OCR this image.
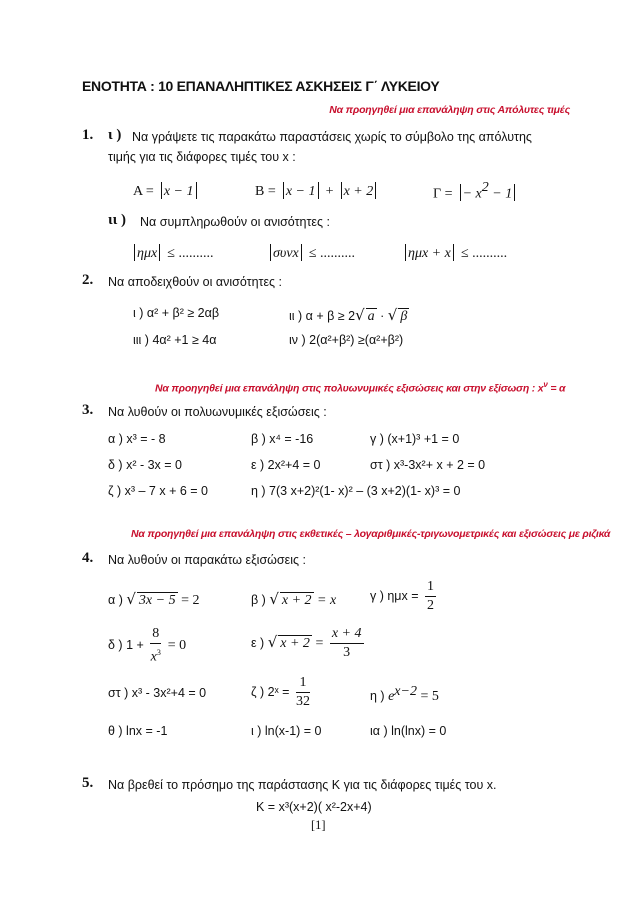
ΕΝΟΤΗΤΑ : 10 ΕΠΑΝΑΛΗΠΤΙΚΕΣ ΑΣΚΗΣΕΙΣ Γ΄ ΛΥΚΕΙΟΥ
Να προηγηθεί μια επανάληψη στις Απόλυτες τιμές
1. ι ) Να γράψετε τις παρακάτω παραστάσεις χωρίς το σύμβολο της απόλυτης
τιμής για τις διάφορες τιμές του x :
Α = x − 1	Β = x − 1 + x + 2	Γ = − $x^2 - 1$
ιι ) Να συμπληρωθούν οι ανισότητες :
ημx ≤ ..........	συνx ≤ ..........	ημx + x ≤ ..........
2. Να αποδειχθούν οι ανισότητες :
ι ) α² + β² ≥ 2αβ	ιι ) α + β ≥ 2√ a · √ β
ιιι ) 4α² +1 ≥ 4α	ιν ) 2(α²+β²) ≥(α²+β²)
Να προηγηθεί μια επανάληψη στις πολυωνυμικές εξισώσεις και στην εξίσωση : $x^\nu = \alpha$
3. Να λυθούν οι πολυωνυμικές εξισώσεις :
α ) x³ = - 8	β ) x⁴ = -16	γ ) (x+1)³ +1 = 0
δ ) x² - 3x = 0	ε ) 2x²+4 = 0	στ ) x³-3x²+ x + 2 = 0
ζ ) x³ – 7 x + 6 = 0	η ) 7(3 x+2)²(1- x)² – (3 x+2)(1- x)³ = 0
Να προηγηθεί μια επανάληψη στις εκθετικές – λογαριθμικές-τριγωνομετρικές και εξισώσεις με ριζικά
4. Να λυθούν οι παρακάτω εξισώσεις :
α ) √ 3x − 5 = 2	β ) √ x + 2 = x	γ ) $\eta\mu x = \frac{1}{2}$
δ ) $1 + \frac{8}{x^3} = 0$	ε ) √ $x + 2 = \frac{x + 4}{3}$
στ ) x³ - 3x²+4 = 0	ζ ) 2ˣ = $\frac{1}{32}$	η ) $e^{x-2} = 5$
θ ) lnx = -1	ι ) ln(x-1) = 0	ια ) ln(lnx) = 0
5. Να βρεθεί το πρόσημο της παράστασης Κ για τις διάφορες τιμές του x.
Κ = x³(x+2)( x²-2x+4)
[1]
